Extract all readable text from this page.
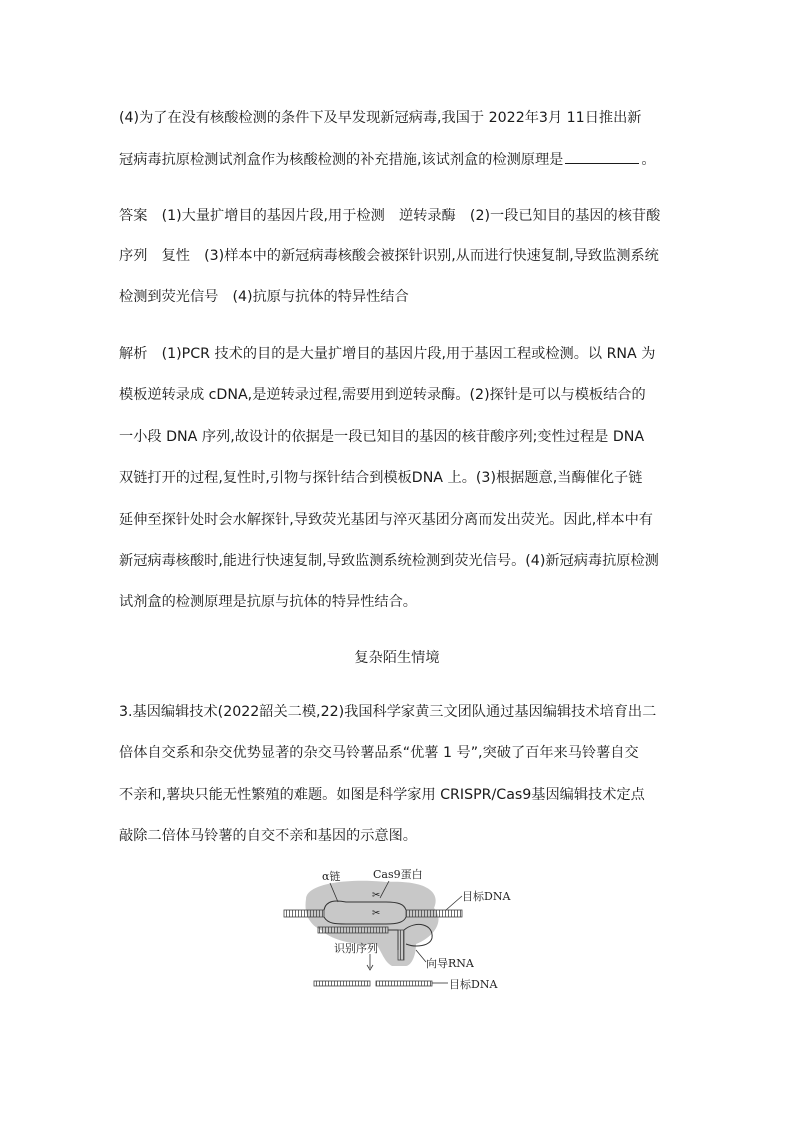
(4)为了在没有核酸检测的条件下及早发现新冠病毒,我国于 2022年3月 11日推出新
冠病毒抗原检测试剂盒作为核酸检测的补充措施,该试剂盒的检测原理是	。
答案　(1)大量扩增目的基因片段,用于检测　逆转录酶　(2)一段已知目的基因的核苷酸
序列　复性　(3)样本中的新冠病毒核酸会被探针识别,从而进行快速复制,导致监测系统
检测到荧光信号　(4)抗原与抗体的特异性结合
解析　(1)PCR 技术的目的是大量扩增目的基因片段,用于基因工程或检测。以 RNA 为
模板逆转录成 cDNA,是逆转录过程,需要用到逆转录酶。(2)探针是可以与模板结合的
一小段 DNA 序列,故设计的依据是一段已知目的基因的核苷酸序列;变性过程是 DNA
双链打开的过程,复性时,引物与探针结合到模板DNA 上。(3)根据题意,当酶催化子链
延伸至探针处时会水解探针,导致荧光基团与淬灭基团分离而发出荧光。因此,样本中有
新冠病毒核酸时,能进行快速复制,导致监测系统检测到荧光信号。(4)新冠病毒抗原检测
试剂盒的检测原理是抗原与抗体的特异性结合。
复杂陌生情境
3.基因编辑技术(2022韶关二模,22)我国科学家黄三文团队通过基因编辑技术培育出二
倍体自交系和杂交优势显著的杂交马铃薯品系“优薯 1 号”,突破了百年来马铃薯自交
不亲和,薯块只能无性繁殖的难题。如图是科学家用 CRISPR/Cas9基因编辑技术定点
敲除二倍体马铃薯的自交不亲和基因的示意图。
✂
✂
α链	Cas9蛋白
目标DNA
识别序列
向导RNA
目标DNA
